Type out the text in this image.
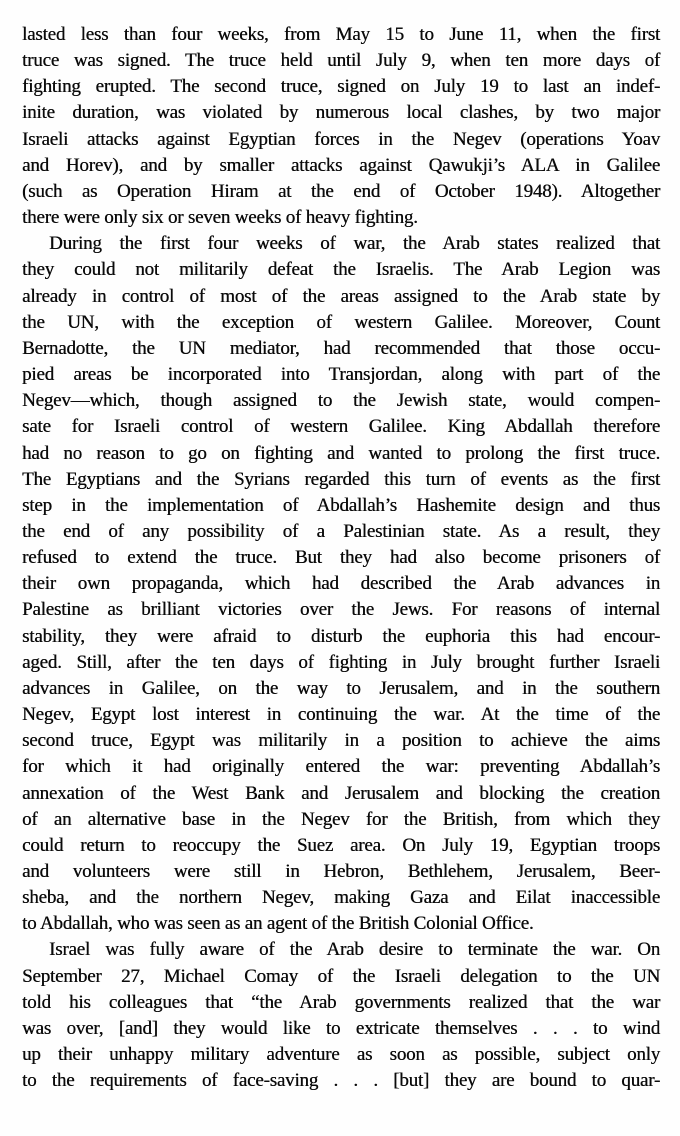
lasted less than four weeks, from May 15 to June 11, when the first
truce was signed. The truce held until July 9, when ten more days of
fighting erupted. The second truce, signed on July 19 to last an indef-
inite duration, was violated by numerous local clashes, by two major
Israeli attacks against Egyptian forces in the Negev (operations Yoav
and Horev), and by smaller attacks against Qawukji’s ALA in Galilee
(such as Operation Hiram at the end of October 1948). Altogether
there were only six or seven weeks of heavy fighting.
During the first four weeks of war, the Arab states realized that
they could not militarily defeat the Israelis. The Arab Legion was
already in control of most of the areas assigned to the Arab state by
the UN, with the exception of western Galilee. Moreover, Count
Bernadotte, the UN mediator, had recommended that those occu-
pied areas be incorporated into Transjordan, along with part of the
Negev—which, though assigned to the Jewish state, would compen-
sate for Israeli control of western Galilee. King Abdallah therefore
had no reason to go on fighting and wanted to prolong the first truce.
The Egyptians and the Syrians regarded this turn of events as the first
step in the implementation of Abdallah’s Hashemite design and thus
the end of any possibility of a Palestinian state. As a result, they
refused to extend the truce. But they had also become prisoners of
their own propaganda, which had described the Arab advances in
Palestine as brilliant victories over the Jews. For reasons of internal
stability, they were afraid to disturb the euphoria this had encour-
aged. Still, after the ten days of fighting in July brought further Israeli
advances in Galilee, on the way to Jerusalem, and in the southern
Negev, Egypt lost interest in continuing the war. At the time of the
second truce, Egypt was militarily in a position to achieve the aims
for which it had originally entered the war: preventing Abdallah’s
annexation of the West Bank and Jerusalem and blocking the creation
of an alternative base in the Negev for the British, from which they
could return to reoccupy the Suez area. On July 19, Egyptian troops
and volunteers were still in Hebron, Bethlehem, Jerusalem, Beer-
sheba, and the northern Negev, making Gaza and Eilat inaccessible
to Abdallah, who was seen as an agent of the British Colonial Office.
Israel was fully aware of the Arab desire to terminate the war. On
September 27, Michael Comay of the Israeli delegation to the UN
told his colleagues that “the Arab governments realized that the war
was over, [and] they would like to extricate themselves . . . to wind
up their unhappy military adventure as soon as possible, subject only
to the requirements of face-saving . . . [but] they are bound to quar-
